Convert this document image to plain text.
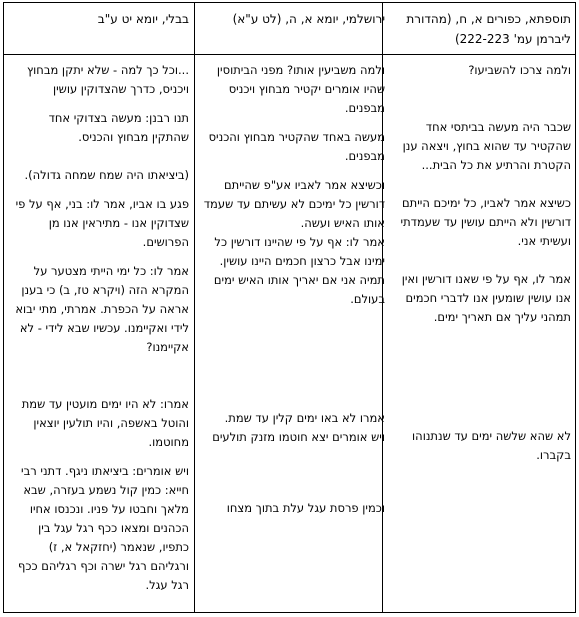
תוספתא, כפורים א, ח, (מהדורת ליברמן עמ' 222-223)
ירושלמי, יומא א, ה, (לט ע"א)
בבלי, יומא יט ע"ב

ולמה צרכו להשביעו?

שכבר היה מעשה בביתסי אחד שהקטיר עד שהוא בחוץ, ויצאה ענן הקטרת והרתיע את כל הבית...

כשיצא אמר לאביו, כל ימיכם הייתם דורשין ולא הייתם עושין עד שעמדתי ועשיתי אני.

אמר לו, אף על פי שאנו דורשין ואין אנו עושין שומעין אנו לדברי חכמים תמהני עליך אם תאריך ימים.

לא שהא שלשה ימים עד שנתנוהו בקברו.

ולמה משביעין אותו? מפני הביתוסין שהיו אומרים יקטיר מבחוץ ויכניס מבפנים.

מעשה באחד שהקטיר מבחוץ והכניס מבפנים.

וכשיצא אמר לאביו אע"פ שהייתם דורשין כל ימיכם לא עשיתם עד שעמד אותו האיש ועשה.

אמר לו: אף על פי שהיינו דורשין כל ימינו אבל כרצון חכמים היינו עושין. תמיה אני אם יאריך אותו האיש ימים בעולם.

אמרו לא באו ימים קלין עד שמת.

ויש אומרים יצא חוטמו מזנק תולעים

וכמין פרסת עגל עלת בתוך מצחו

...וכל כך למה - שלא יתקן מבחוץ ויכניס, כדרך שהצדוקין עושין

תנו רבנן: מעשה בצדוקי אחד שהתקין מבחוץ והכניס.

(ביציאתו היה שמח שמחה גדולה).

פגע בו אביו, אמר לו: בני, אף על פי שצדוקין אנו - מתיראין אנו מן הפרושים.

אמר לו: כל ימי הייתי מצטער על המקרא הזה (ויקרא טז, ב) כי בענן אראה על הכפרת. אמרתי, מתי יבוא לידי ואקיימנו. עכשיו שבא לידי - לא אקיימנו?

אמרו: לא היו ימים מועטין עד שמת והוטל באשפה, והיו תולעין יוצאין מחוטמו.

ויש אומרים: ביציאתו ניגף. דתני רבי חייא: כמין קול נשמע בעזרה, שבא מלאך וחבטו על פניו. ונכנסו אחיו הכהנים ומצאו ככף רגל עגל בין כתפיו, שנאמר (יחזקאל א, ז) ורגליהם רגל ישרה וכף רגליהם ככף רגל עגל.
